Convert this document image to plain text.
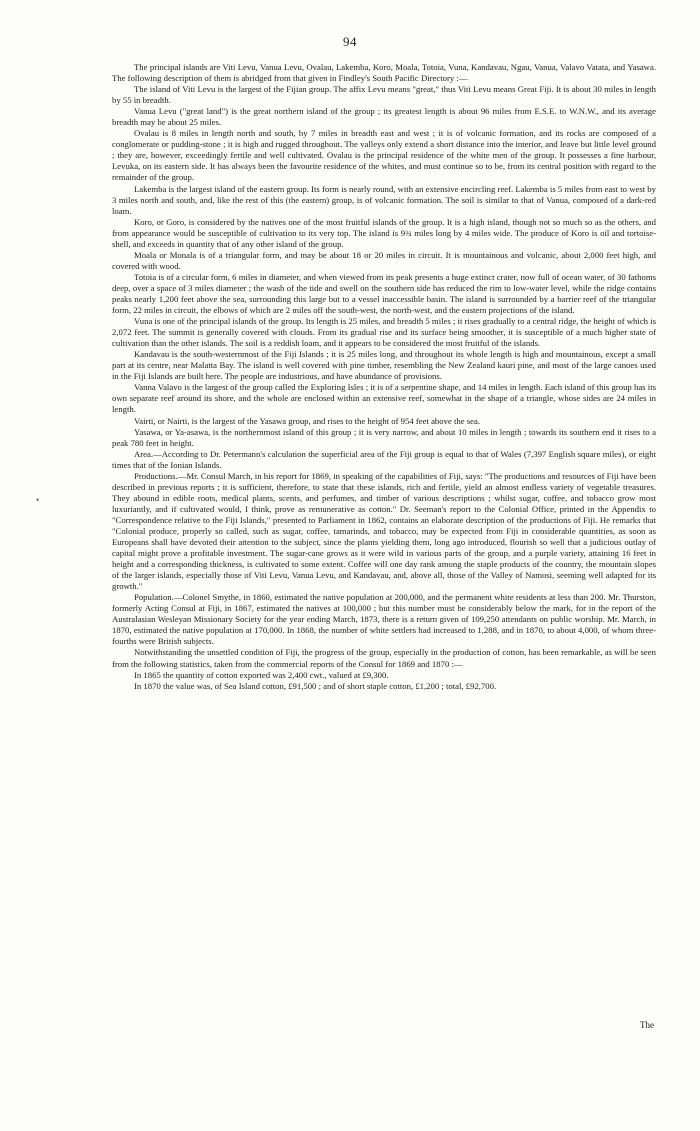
94
•

The principal islands are Viti Levu, Vanua Levu, Ovalau, Lakemba, Koro, Moala, Totoia, Vuna, Kandavau, Ngau, Vanua, Valavo Vatata, and Yasawa. The following description of them is abridged from that given in Findley's South Pacific Directory :—

The island of Viti Levu is the largest of the Fijian group. The affix Levu means "great," thus Viti Levu means Great Fiji. It is about 30 miles in length by 55 in breadth.

Vanua Levu ("great land") is the great northern island of the group ; its greatest length is about 96 miles from E.S.E. to W.N.W., and its average breadth may be about 25 miles.

Ovalau is 8 miles in length north and south, by 7 miles in breadth east and west ; it is of volcanic formation, and its rocks are composed of a conglomerate or pudding-stone ; it is high and rugged throughout. The valleys only extend a short distance into the interior, and leave but little level ground ; they are, however, exceedingly fertile and well cultivated. Ovalau is the principal residence of the white men of the group. It possesses a fine harbour, Levuka, on its eastern side. It has always been the favourite residence of the whites, and must continue so to be, from its central position with regard to the remainder of the group.

Lakemba is the largest island of the eastern group. Its form is nearly round, with an extensive encircling reef. Lakemba is 5 miles from east to west by 3 miles north and south, and, like the rest of this (the eastern) group, is of volcanic formation. The soil is similar to that of Vanua, composed of a dark-red loam.

Koro, or Goro, is considered by the natives one of the most fruitful islands of the group. It is a high island, though not so much so as the others, and from appearance would be susceptible of cultivation to its very top. The island is 9¾ miles long by 4 miles wide. The produce of Koro is oil and tortoise-shell, and exceeds in quantity that of any other island of the group.

Moala or Monala is of a triangular form, and may be about 18 or 20 miles in circuit. It is mountainous and volcanic, about 2,000 feet high, and covered with wood.

Totoia is of a circular form, 6 miles in diameter, and when viewed from its peak presents a huge extinct crater, now full of ocean water, of 30 fathoms deep, over a space of 3 miles diameter ; the wash of the tide and swell on the southern side has reduced the rim to low-water level, while the ridge contains peaks nearly 1,200 feet above the sea, surrounding this large but to a vessel inaccessible basin. The island is surrounded by a barrier reef of the triangular form, 22 miles in circuit, the elbows of which are 2 miles off the south-west, the north-west, and the eastern projections of the island.

Vuna is one of the principal islands of the group. Its length is 25 miles, and breadth 5 miles ; it rises gradually to a central ridge, the height of which is 2,072 feet. The summit is generally covered with clouds. From its gradual rise and its surface being smoother, it is susceptible of a much higher state of cultivation than the other islands. The soil is a reddish loam, and it appears to be considered the most fruitful of the islands.

Kandavau is the south-westernmost of the Fiji Islands ; it is 25 miles long, and throughout its whole length is high and mountainous, except a small part at its centre, near Malatta Bay. The island is well covered with pine timber, resembling the New Zealand kauri pine, and most of the large canoes used in the Fiji Islands are built here. The people are industrious, and have abundance of provisions.

Vanna Valavo is the largest of the group called the Exploring Isles ; it is of a serpentine shape, and 14 miles in length. Each island of this group has its own separate reef around its shore, and the whole are enclosed within an extensive reef, somewhat in the shape of a triangle, whose sides are 24 miles in length.

Vairti, or Nairti, is the largest of the Yasawa group, and rises to the height of 954 feet above the sea.

Yasawa, or Ya-asawa, is the northernmost island of this group ; it is very narrow, and about 10 miles in length ; towards its southern end it rises to a peak 780 feet in height.

Area.—According to Dr. Petermann's calculation the superficial area of the Fiji group is equal to that of Wales (7,397 English square miles), or eight times that of the Ionian Islands.

Productions.—Mr. Consul March, in his report for 1869, in speaking of the capabilities of Fiji, says: "The productions and resources of Fiji have been described in previous reports ; it is sufficient, therefore, to state that these islands, rich and fertile, yield an almost endless variety of vegetable treasures. They abound in edible roots, medical plants, scents, and perfumes, and timber of various descriptions ; whilst sugar, coffee, and tobacco grow most luxuriantly, and if cultivated would, I think, prove as remunerative as cotton." Dr. Seeman's report to the Colonial Office, printed in the Appendix to "Correspondence relative to the Fiji Islands," presented to Parliament in 1862, contains an elaborate description of the productions of Fiji. He remarks that "Colonial produce, properly so called, such as sugar, coffee, tamarinds, and tobacco, may be expected from Fiji in considerable quantities, as soon as Europeans shall have devoted their attention to the subject, since the plants yielding them, long ago introduced, flourish so well that a judicious outlay of capital might prove a profitable investment. The sugar-cane grows as it were wild in various parts of the group, and a purple variety, attaining 16 feet in height and a corresponding thickness, is cultivated to some extent. Coffee will one day rank among the staple products of the country, the mountain slopes of the larger islands, especially those of Viti Levu, Vanua Levu, and Kandavau, and, above all, those of the Valley of Namosi, seeming well adapted for its growth."

Population.—Colonel Smythe, in 1860, estimated the native population at 200,000, and the permanent white residents at less than 200. Mr. Thurston, formerly Acting Consul at Fiji, in 1867, estimated the natives at 100,000 ; but this number must be considerably below the mark, for in the report of the Australasian Wesleyan Missionary Society for the year ending March, 1873, there is a return given of 109,250 attendants on public worship. Mr. March, in 1870, estimated the native population at 170,000. In 1868, the number of white settlers had increased to 1,288, and in 1870, to about 4,000, of whom three-fourths were British subjects.

Notwithstanding the unsettled condition of Fiji, the progress of the group, especially in the production of cotton, has been remarkable, as will be seen from the following statistics, taken from the commercial reports of the Consul for 1869 and 1870 :—

In 1865 the quantity of cotton exported was 2,400 cwt., valued at £9,300.

In 1870 the value was, of Sea Island cotton, £91,500 ; and of short staple cotton, £1,200 ; total, £92,700.

The
